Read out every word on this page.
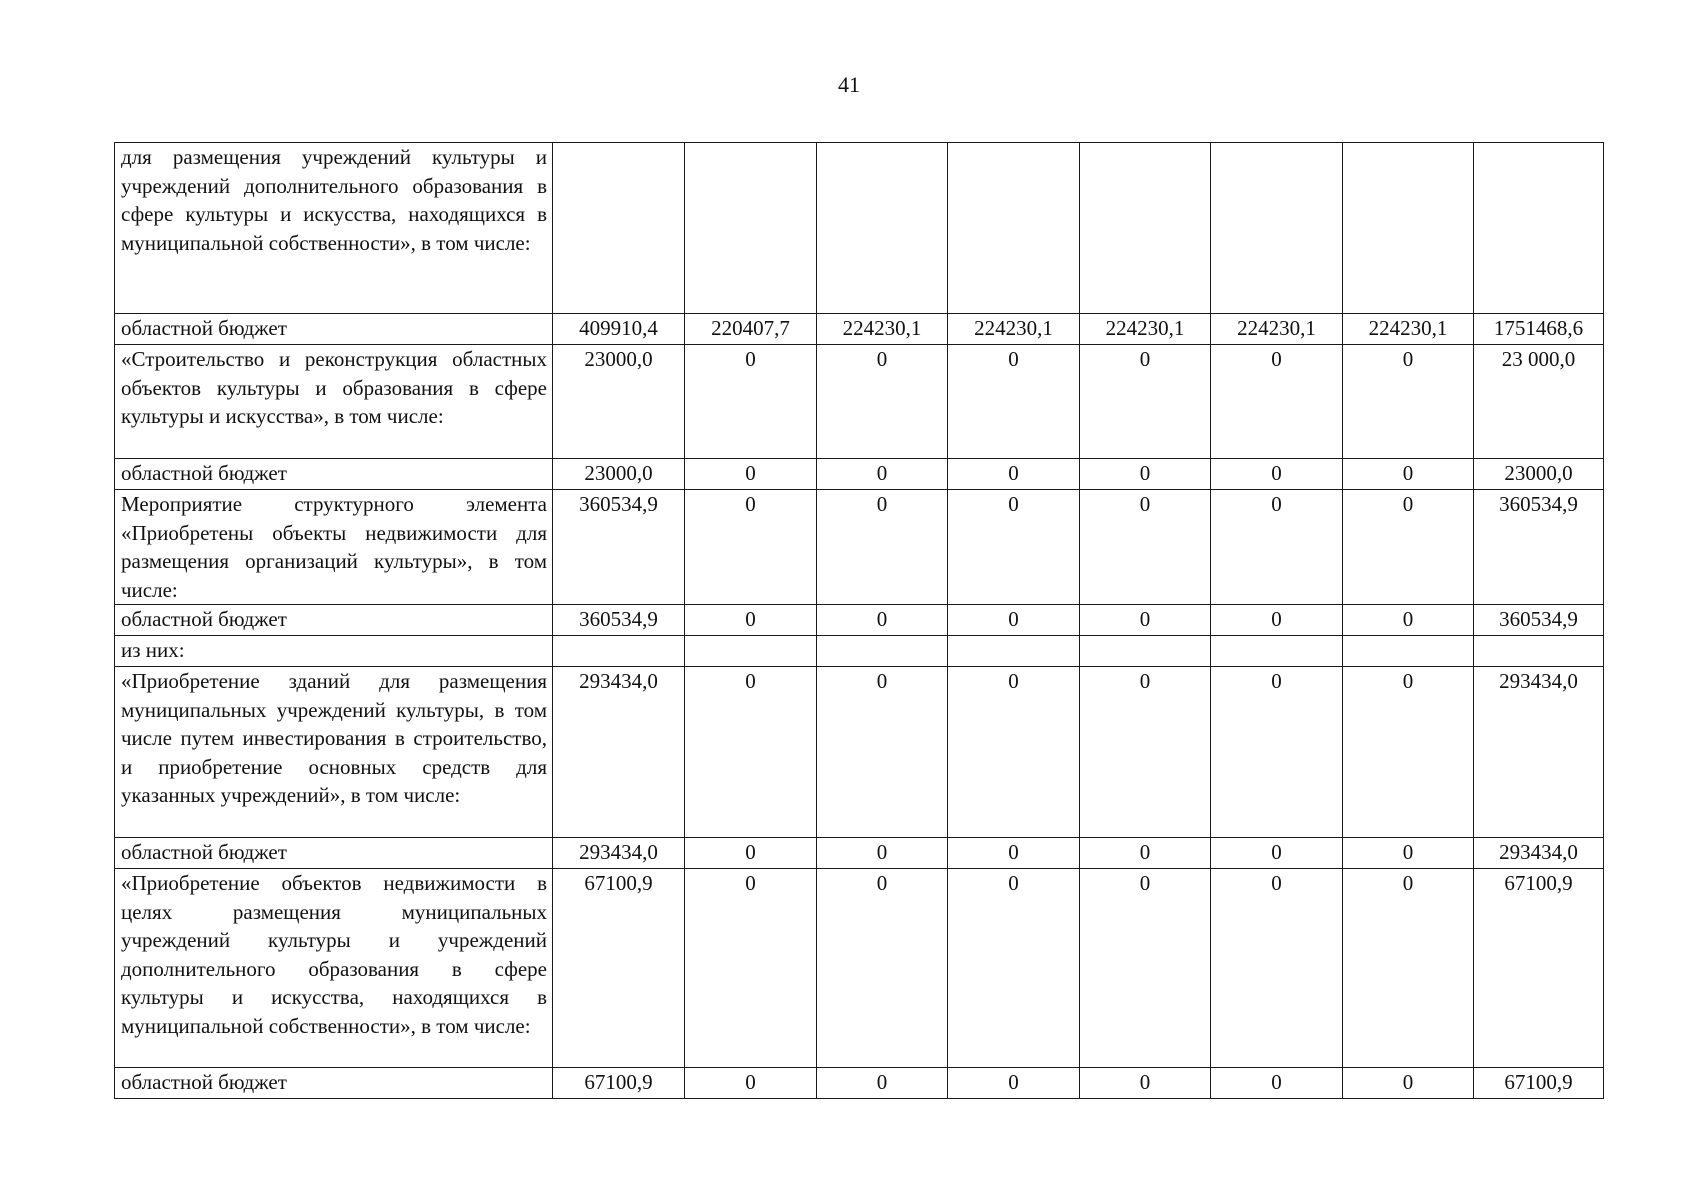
41
для размещения учреждений культуры и учреждений дополнительного образования в сфере культуры и искусства, находящихся в муниципальной собственности», в том числе:								
областной бюджет	409910,4	220407,7	224230,1	224230,1	224230,1	224230,1	224230,1	1751468,6
«Строительство и реконструкция областных объектов культуры и образования в сфере культуры и искусства», в том числе:	23000,0	0	0	0	0	0	0	23 000,0
областной бюджет	23000,0	0	0	0	0	0	0	23000,0
Мероприятие структурного элемента «Приобретены объекты недвижимости для размещения организаций культуры», в том числе:	360534,9	0	0	0	0	0	0	360534,9
областной бюджет	360534,9	0	0	0	0	0	0	360534,9
из них:								
«Приобретение зданий для размещения муниципальных учреждений культуры, в том числе путем инвестирования в строительство, и приобретение основных средств для указанных учреждений», в том числе:	293434,0	0	0	0	0	0	0	293434,0
областной бюджет	293434,0	0	0	0	0	0	0	293434,0
«Приобретение объектов недвижимости в целях размещения муниципальных учреждений культуры и учреждений дополнительного образования в сфере культуры и искусства, находящихся в муниципальной собственности», в том числе:	67100,9	0	0	0	0	0	0	67100,9
областной бюджет	67100,9	0	0	0	0	0	0	67100,9
